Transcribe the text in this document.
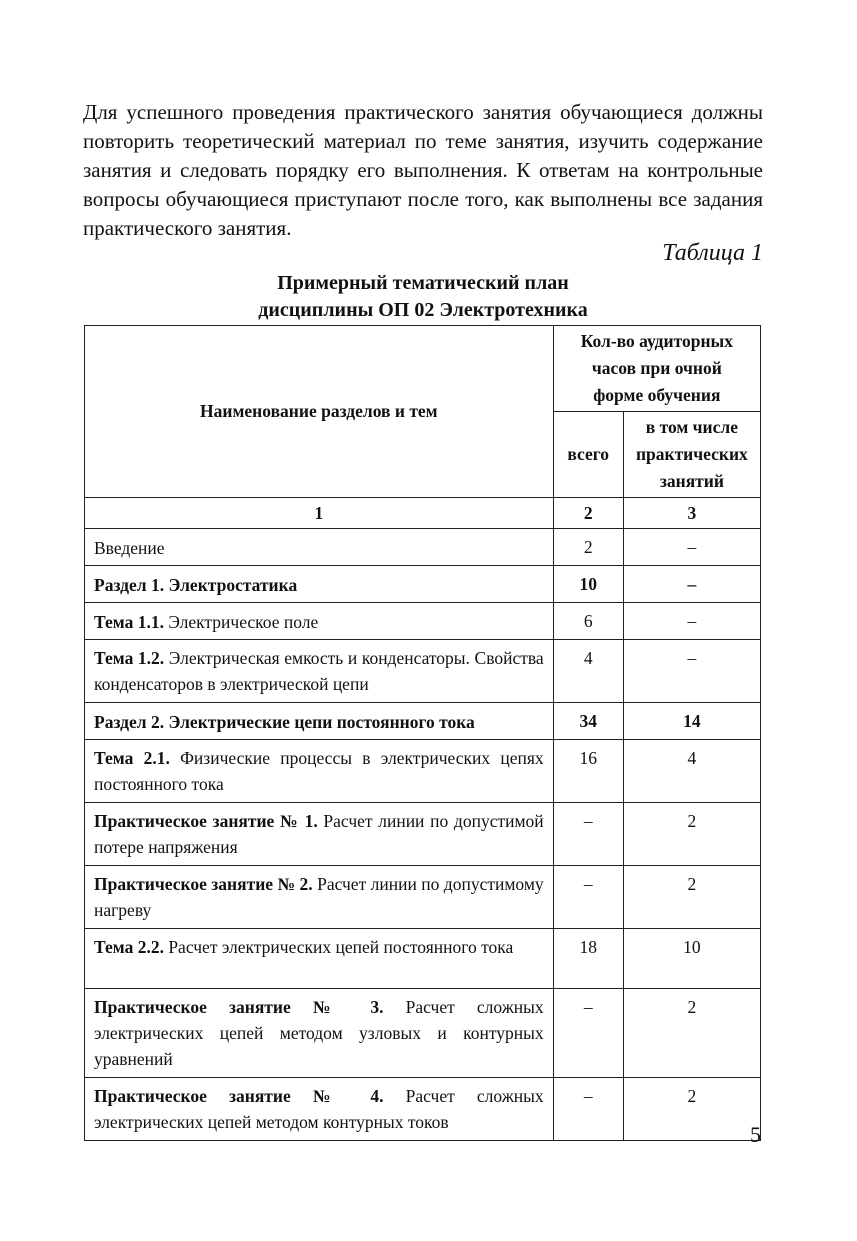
Для успешного проведения практического занятия обучающиеся должны повторить теоретический материал по теме занятия, изучить содержание занятия и следовать порядку его выполнения. К ответам на контрольные вопросы обучающиеся приступают после того, как выполнены все задания практического занятия.

Таблица 1
Примерный тематический план
дисциплины ОП 02 Электротехника
Наименование разделов и тем	Кол-во аудиторных часов при очной форме обучения	
	всего	в том числе практических занятий
1	2	3
Введение	2	–
Раздел 1. Электростатика	10	–
Тема 1.1. Электрическое поле	6	–
Тема 1.2. Электрическая емкость и конденсаторы. Свойства конденсаторов в электрической цепи	4	–
Раздел 2. Электрические цепи постоянного тока	34	14
Тема 2.1. Физические процессы в электрических цепях постоянного тока	16	4
Практическое занятие № 1. Расчет линии по допустимой потере напряжения	–	2
Практическое занятие № 2. Расчет линии по допустимому нагреву	–	2
Тема 2.2. Расчет электрических цепей постоянного тока	18	10
Практическое занятие № 3. Расчет сложных электрических цепей методом узловых и контурных уравнений	–	2
Практическое занятие № 4. Расчет сложных электрических цепей методом контурных токов	–	2
5
